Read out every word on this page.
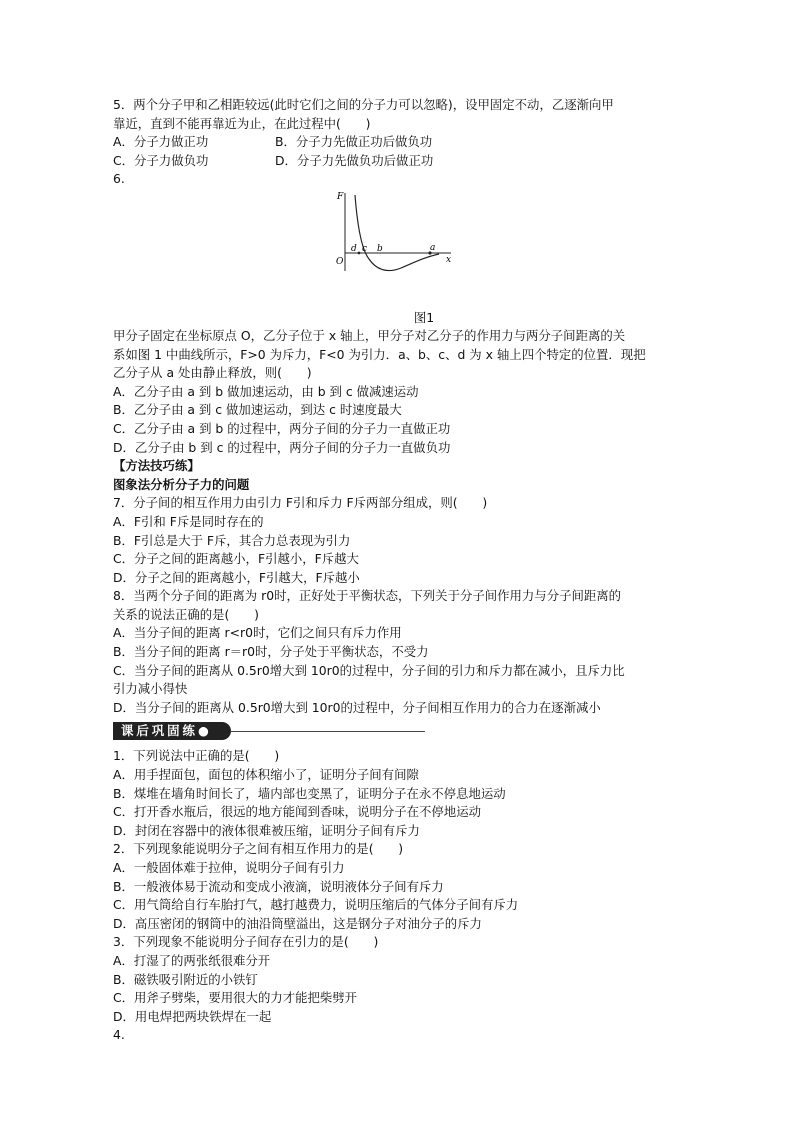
5．两个分子甲和乙相距较远(此时它们之间的分子力可以忽略)，设甲固定不动，乙逐渐向甲
靠近，直到不能再靠近为止，在此过程中(　　)
A．分子力做正功	B．分子力先做正功后做负功
C．分子力做负功	D．分子力先做负功后做正功
6.
F
x
O
d c b	a
图1
甲分子固定在坐标原点 O，乙分子位于 x 轴上，甲分子对乙分子的作用力与两分子间距离的关
系如图 1 中曲线所示，F>0 为斥力，F<0 为引力．a、b、c、d 为 x 轴上四个特定的位置．现把
乙分子从 a 处由静止释放，则(　　)
A．乙分子由 a 到 b 做加速运动，由 b 到 c 做减速运动
B．乙分子由 a 到 c 做加速运动，到达 c 时速度最大
C．乙分子由 a 到 b 的过程中，两分子间的分子力一直做正功
D．乙分子由 b 到 c 的过程中，两分子间的分子力一直做负功
【方法技巧练】
图象法分析分子力的问题
7．分子间的相互作用力由引力 F引和斥力 F斥两部分组成，则(　　)
A．F引和 F斥是同时存在的
B．F引总是大于 F斥，其合力总表现为引力
C．分子之间的距离越小，F引越小，F斥越大
D．分子之间的距离越小，F引越大，F斥越小
8．当两个分子间的距离为 r0时，正好处于平衡状态，下列关于分子间作用力与分子间距离的
关系的说法正确的是(　　)
A．当分子间的距离 r<r0时，它们之间只有斥力作用
B．当分子间的距离 r＝r0时，分子处于平衡状态，不受力
C．当分子间的距离从 0.5r0增大到 10r0的过程中，分子间的引力和斥力都在减小，且斥力比
引力减小得快
D．当分子间的距离从 0.5r0增大到 10r0的过程中，分子间相互作用力的合力在逐渐减小
课后巩固练●
1．下列说法中正确的是(　　)
A．用手捏面包，面包的体积缩小了，证明分子间有间隙
B．煤堆在墙角时间长了，墙内部也变黑了，证明分子在永不停息地运动
C．打开香水瓶后，很远的地方能闻到香味，说明分子在不停地运动
D．封闭在容器中的液体很难被压缩，证明分子间有斥力
2．下列现象能说明分子之间有相互作用力的是(　　)
A．一般固体难于拉伸，说明分子间有引力
B．一般液体易于流动和变成小液滴，说明液体分子间有斥力
C．用气筒给自行车胎打气，越打越费力，说明压缩后的气体分子间有斥力
D．高压密闭的钢筒中的油沿筒壁溢出，这是钢分子对油分子的斥力
3．下列现象不能说明分子间存在引力的是(　　)
A．打湿了的两张纸很难分开
B．磁铁吸引附近的小铁钉
C．用斧子劈柴，要用很大的力才能把柴劈开
D．用电焊把两块铁焊在一起
4.
